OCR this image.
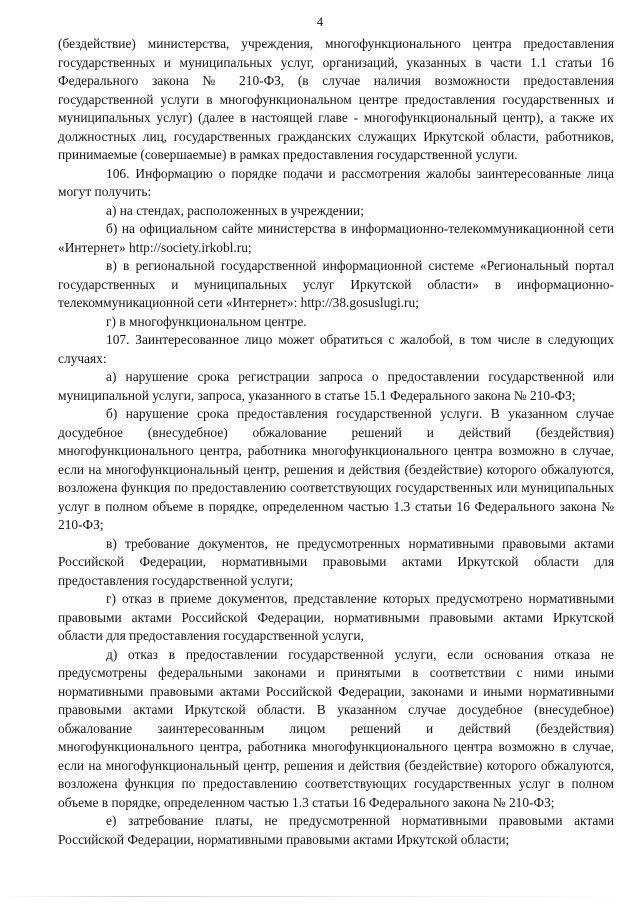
4

(бездействие) министерства, учреждения, многофункционального центра предоставления государственных и муниципальных услуг, организаций, указанных в части 1.1 статьи 16 Федерального закона № 210-ФЗ, (в случае наличия возможности предоставления государственной услуги в многофункциональном центре предоставления государственных и муниципальных услуг) (далее в настоящей главе - многофункциональный центр), а также их должностных лиц, государственных гражданских служащих Иркутской области, работников, принимаемые (совершаемые) в рамках предоставления государственной услуги.

106. Информацию о порядке подачи и рассмотрения жалобы заинтересованные лица могут получить:

а) на стендах, расположенных в учреждении;

б) на официальном сайте министерства в информационно-телекоммуникационной сети «Интернет» http://society.irkobl.ru;

в) в региональной государственной информационной системе «Региональный портал государственных и муниципальных услуг Иркутской области» в информационно-телекоммуникационной сети «Интернет»: http://38.gosuslugi.ru;

г) в многофункциональном центре.

107. Заинтересованное лицо может обратиться с жалобой, в том числе в следующих случаях:

а) нарушение срока регистрации запроса о предоставлении государственной или муниципальной услуги, запроса, указанного в статье 15.1 Федерального закона № 210-ФЗ;

б) нарушение срока предоставления государственной услуги. В указанном случае досудебное (внесудебное) обжалование решений и действий (бездействия) многофункционального центра, работника многофункционального центра возможно в случае, если на многофункциональный центр, решения и действия (бездействие) которого обжалуются, возложена функция по предоставлению соответствующих государственных или муниципальных услуг в полном объеме в порядке, определенном частью 1.3 статьи 16 Федерального закона № 210-ФЗ;

в) требование документов, не предусмотренных нормативными правовыми актами Российской Федерации, нормативными правовыми актами Иркутской области для предоставления государственной услуги;

г) отказ в приеме документов, представление которых предусмотрено нормативными правовыми актами Российской Федерации, нормативными правовыми актами Иркутской области для предоставления государственной услуги,

д) отказ в предоставлении государственной услуги, если основания отказа не предусмотрены федеральными законами и принятыми в соответствии с ними иными нормативными правовыми актами Российской Федерации, законами и иными нормативными правовыми актами Иркутской области. В указанном случае досудебное (внесудебное) обжалование заинтересованным лицом решений и действий (бездействия) многофункционального центра, работника многофункционального центра возможно в случае, если на многофункциональный центр, решения и действия (бездействие) которого обжалуются, возложена функция по предоставлению соответствующих государственных услуг в полном объеме в порядке, определенном частью 1.3 статьи 16 Федерального закона № 210-ФЗ;

е) затребование платы, не предусмотренной нормативными правовыми актами Российской Федерации, нормативными правовыми актами Иркутской области;
